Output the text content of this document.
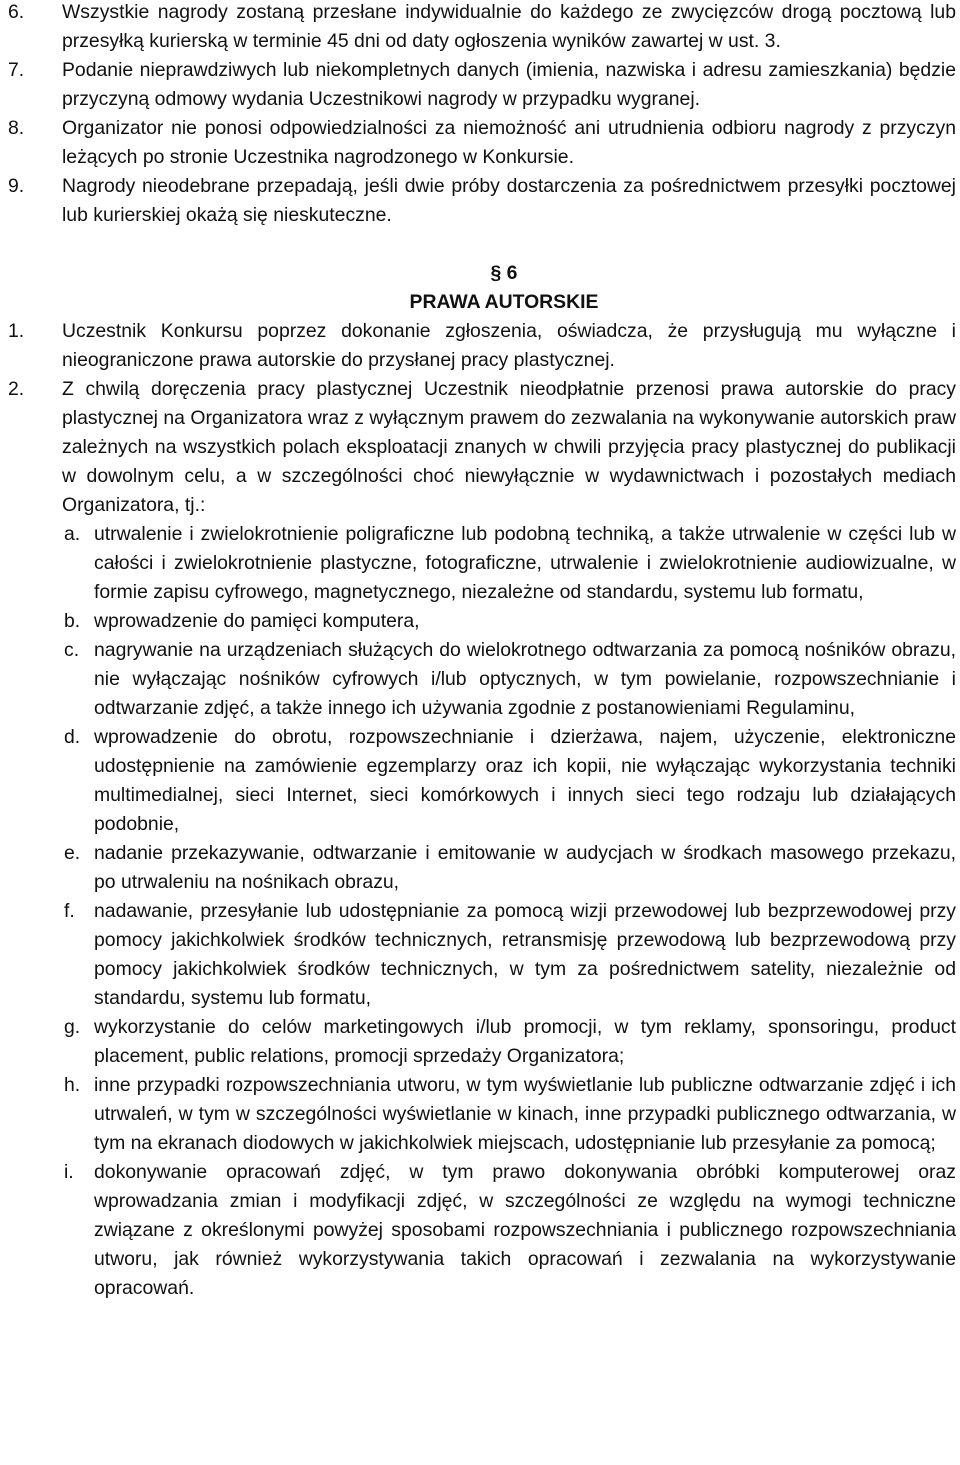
6. Wszystkie nagrody zostaną przesłane indywidualnie do każdego ze zwycięzców drogą pocztową lub przesyłką kurierską w terminie 45 dni od daty ogłoszenia wyników zawartej w ust. 3.

7. Podanie nieprawdziwych lub niekompletnych danych (imienia, nazwiska i adresu zamieszkania) będzie przyczyną odmowy wydania Uczestnikowi nagrody w przypadku wygranej.

8. Organizator nie ponosi odpowiedzialności za niemożność ani utrudnienia odbioru nagrody z przyczyn leżących po stronie Uczestnika nagrodzonego w Konkursie.

9. Nagrody nieodebrane przepadają, jeśli dwie próby dostarczenia za pośrednictwem przesyłki pocztowej lub kurierskiej okażą się nieskuteczne.

§ 6

PRAWA AUTORSKIE

1. Uczestnik Konkursu poprzez dokonanie zgłoszenia, oświadcza, że przysługują mu wyłączne i nieograniczone prawa autorskie do przysłanej pracy plastycznej.

2. Z chwilą doręczenia pracy plastycznej Uczestnik nieodpłatnie przenosi prawa autorskie do pracy plastycznej na Organizatora wraz z wyłącznym prawem do zezwalania na wykonywanie autorskich praw zależnych na wszystkich polach eksploatacji znanych w chwili przyjęcia pracy plastycznej do publikacji w dowolnym celu, a w szczególności choć niewyłącznie w wydawnictwach i pozostałych mediach Organizatora, tj.:

a. utrwalenie i zwielokrotnienie poligraficzne lub podobną techniką, a także utrwalenie w części lub w całości i zwielokrotnienie plastyczne, fotograficzne, utrwalenie i zwielokrotnienie audiowizualne, w formie zapisu cyfrowego, magnetycznego, niezależne od standardu, systemu lub formatu,

b. wprowadzenie do pamięci komputera,

c. nagrywanie na urządzeniach służących do wielokrotnego odtwarzania za pomocą nośników obrazu, nie wyłączając nośników cyfrowych i/lub optycznych, w tym powielanie, rozpowszechnianie i odtwarzanie zdjęć, a także innego ich używania zgodnie z postanowieniami Regulaminu,

d. wprowadzenie do obrotu, rozpowszechnianie i dzierżawa, najem, użyczenie, elektroniczne udostępnienie na zamówienie egzemplarzy oraz ich kopii, nie wyłączając wykorzystania techniki multimedialnej, sieci Internet, sieci komórkowych i innych sieci tego rodzaju lub działających podobnie,

e. nadanie przekazywanie, odtwarzanie i emitowanie w audycjach w środkach masowego przekazu, po utrwaleniu na nośnikach obrazu,

f. nadawanie, przesyłanie lub udostępnianie za pomocą wizji przewodowej lub bezprzewodowej przy pomocy jakichkolwiek środków technicznych, retransmisję przewodową lub bezprzewodową przy pomocy jakichkolwiek środków technicznych, w tym za pośrednictwem satelity, niezależnie od standardu, systemu lub formatu,

g. wykorzystanie do celów marketingowych i/lub promocji, w tym reklamy, sponsoringu, product placement, public relations, promocji sprzedaży Organizatora;

h. inne przypadki rozpowszechniania utworu, w tym wyświetlanie lub publiczne odtwarzanie zdjęć i ich utrwaleń, w tym w szczególności wyświetlanie w kinach, inne przypadki publicznego odtwarzania, w tym na ekranach diodowych w jakichkolwiek miejscach, udostępnianie lub przesyłanie za pomocą;

i. dokonywanie opracowań zdjęć, w tym prawo dokonywania obróbki komputerowej oraz wprowadzania zmian i modyfikacji zdjęć, w szczególności ze względu na wymogi techniczne związane z określonymi powyżej sposobami rozpowszechniania i publicznego rozpowszechniania utworu, jak również wykorzystywania takich opracowań i zezwalania na wykorzystywanie opracowań.
